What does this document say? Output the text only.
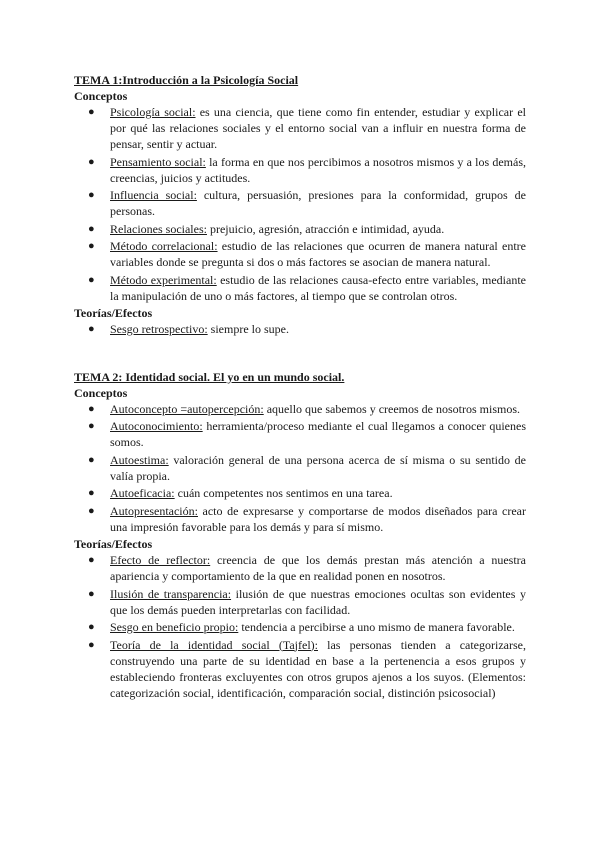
TEMA 1:Introducción a la Psicología Social

Conceptos

● Psicología social: es una ciencia, que tiene como fin entender, estudiar y explicar el por qué las relaciones sociales y el entorno social van a influir en nuestra forma de pensar, sentir y actuar.
● Pensamiento social: la forma en que nos percibimos a nosotros mismos y a los demás, creencias, juicios y actitudes.
● Influencia social: cultura, persuasión, presiones para la conformidad, grupos de personas.
● Relaciones sociales: prejuicio, agresión, atracción e intimidad, ayuda.
● Método correlacional: estudio de las relaciones que ocurren de manera natural entre variables donde se pregunta si dos o más factores se asocian de manera natural.
● Método experimental: estudio de las relaciones causa-efecto entre variables, mediante la manipulación de uno o más factores, al tiempo que se controlan otros.

Teorías/Efectos

● Sesgo retrospectivo: siempre lo supe.

TEMA 2: Identidad social. El yo en un mundo social.

Conceptos

● Autoconcepto =autopercepción: aquello que sabemos y creemos de nosotros mismos.
● Autoconocimiento: herramienta/proceso mediante el cual llegamos a conocer quienes somos.
● Autoestima: valoración general de una persona acerca de sí misma o su sentido de valía propia.
● Autoeficacia: cuán competentes nos sentimos en una tarea.
● Autopresentación: acto de expresarse y comportarse de modos diseñados para crear una impresión favorable para los demás y para sí mismo.

Teorías/Efectos

● Efecto de reflector: creencia de que los demás prestan más atención a nuestra apariencia y comportamiento de la que en realidad ponen en nosotros.
● Ilusión de transparencia: ilusión de que nuestras emociones ocultas son evidentes y que los demás pueden interpretarlas con facilidad.
● Sesgo en beneficio propio: tendencia a percibirse a uno mismo de manera favorable.
● Teoría de la identidad social (Tajfel): las personas tienden a categorizarse, construyendo una parte de su identidad en base a la pertenencia a esos grupos y estableciendo fronteras excluyentes con otros grupos ajenos a los suyos. (Elementos: categorización social, identificación, comparación social, distinción psicosocial)
